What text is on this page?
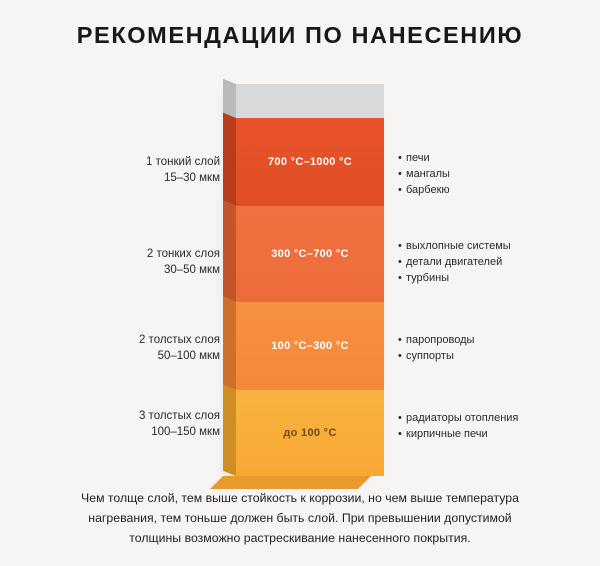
РЕКОМЕНДАЦИИ ПО НАНЕСЕНИЮ
700 °C–1000 °C
300 °C–700 °C
100 °C–300 °C
до 100 °C
1 тонкий слой
15–30 мкм
2 тонких слоя
30–50 мкм
2 толстых слоя
50–100 мкм
3 толстых слоя
100–150 мкм
• печи
• мангалы
• барбекю
• выхлопные системы
• детали двигателей
• турбины
• паропроводы
• суппорты
• радиаторы отопления
• кирпичные печи
Чем толще слой, тем выше стойкость к коррозии, но чем выше температура
нагревания, тем тоньше должен быть слой. При превышении допустимой
толщины возможно растрескивание нанесенного покрытия.
